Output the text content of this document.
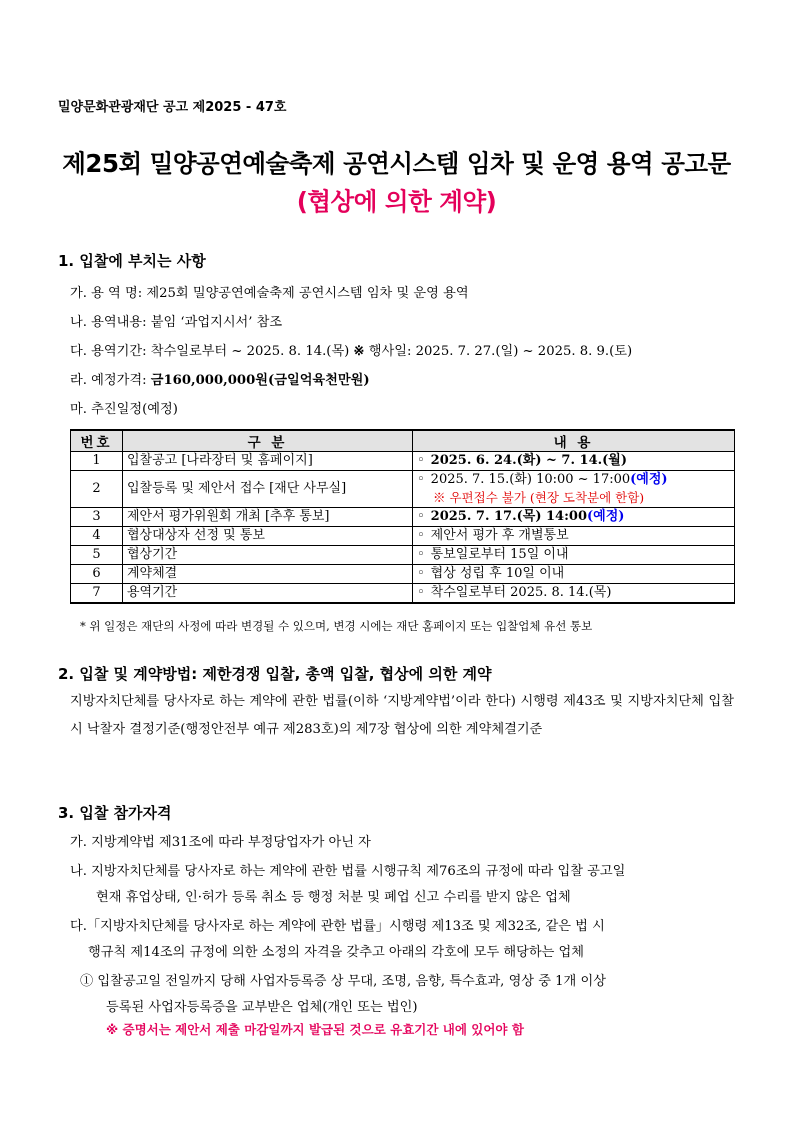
밀양문화관광재단 공고 제2025 - 47호
제25회 밀양공연예술축제 공연시스템 임차 및 운영 용역 공고문
(협상에 의한 계약)
1. 입찰에 부치는 사항
가. 용 역 명: 제25회 밀양공연예술축제 공연시스템 임차 및 운영 용역
나. 용역내용: 붙임 ‘과업지시서’ 참조
다. 용역기간: 착수일로부터 ~ 2025. 8. 14.(목) ※ 행사일: 2025. 7. 27.(일) ~ 2025. 8. 9.(토)
라. 예정가격: 금160,000,000원(금일억육천만원)
마. 추진일정(예정)
번호	구 분	내 용
1	입찰공고 [나라장터 및 홈페이지]	◦ 2025. 6. 24.(화) ~ 7. 14.(월)
2	입찰등록 및 제안서 접수 [재단 사무실]	◦ 2025. 7. 15.(화) 10:00 ~ 17:00(예정)
※ 우편접수 불가 (현장 도착분에 한함)

3	제안서 평가위원회 개최 [추후 통보]	◦ 2025. 7. 17.(목) 14:00(예정)
4	협상대상자 선정 및 통보	◦ 제안서 평가 후 개별통보
5	협상기간	◦ 통보일로부터 15일 이내
6	계약체결	◦ 협상 성립 후 10일 이내
7	용역기간	◦ 착수일로부터 2025. 8. 14.(목)
* 위 일정은 재단의 사정에 따라 변경될 수 있으며, 변경 시에는 재단 홈페이지 또는 입찰업체 유선 통보
2. 입찰 및 계약방법: 제한경쟁 입찰, 총액 입찰, 협상에 의한 계약
지방자치단체를 당사자로 하는 계약에 관한 법률(이하 ‘지방계약법’이라 한다) 시행령 제43조 및 지방자치단체 입찰시 낙찰자 결정기준(행정안전부 예규 제283호)의 제7장 협상에 의한 계약체결기준
3. 입찰 참가자격
가. 지방계약법 제31조에 따라 부정당업자가 아닌 자
나. 지방자치단체를 당사자로 하는 계약에 관한 법률 시행규칙 제76조의 규정에 따라 입찰 공고일
현재 휴업상태, 인·허가 등록 취소 등 행정 처분 및 폐업 신고 수리를 받지 않은 업체
다.「지방자치단체를 당사자로 하는 계약에 관한 법률」시행령 제13조 및 제32조, 같은 법 시
행규칙 제14조의 규정에 의한 소정의 자격을 갖추고 아래의 각호에 모두 해당하는 업체
① 입찰공고일 전일까지 당해 사업자등록증 상 무대, 조명, 음향, 특수효과, 영상 중 1개 이상
등록된 사업자등록증을 교부받은 업체(개인 또는 법인)
※ 증명서는 제안서 제출 마감일까지 발급된 것으로 유효기간 내에 있어야 함
